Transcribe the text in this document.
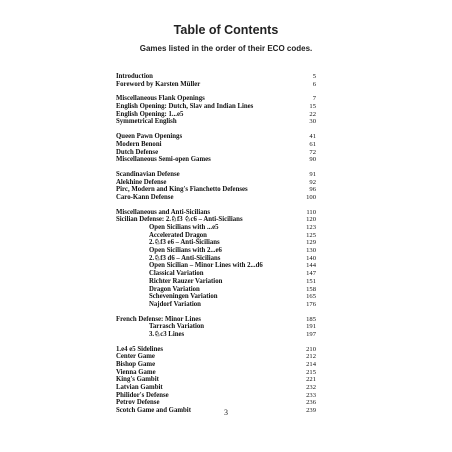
Table of Contents
Games listed in the order of their ECO codes.
Introduction	5
Foreword by Karsten Müller	6
Miscellaneous Flank Openings	7
English Opening: Dutch, Slav and Indian Lines	15
English Opening: 1...e5	22
Symmetrical English	30
Queen Pawn Openings	41
Modern Benoni	61
Dutch Defense	72
Miscellaneous Semi-open Games	90
Scandinavian Defense	91
Alekhine Defense	92
Pirc, Modern and King's Fianchetto Defenses	96
Caro-Kann Defense	100
Miscellaneous and Anti-Sicilians	110
Sicilian Defense: 2.♘f3 ♘c6 – Anti-Sicilians	120
Open Sicilians with ...e5	123
Accelerated Dragon	125
2.♘f3 e6 – Anti-Sicilians	129
Open Sicilians with 2...e6	130
2.♘f3 d6 – Anti-Sicilians	140
Open Sicilian – Minor Lines with 2...d6	144
Classical Variation	147
Richter Rauzer Variation	151
Dragon Variation	158
Scheveningen Variation	165
Najdorf Variation	176
French Defense: Minor Lines	185
Tarrasch Variation	191
3.♘c3 Lines	197
1.e4 e5 Sidelines	210
Center Game	212
Bishop Game	214
Vienna Game	215
King's Gambit	221
Latvian Gambit	232
Philidor's Defense	233
Petrov Defense	236
Scotch Game and Gambit	239
3
